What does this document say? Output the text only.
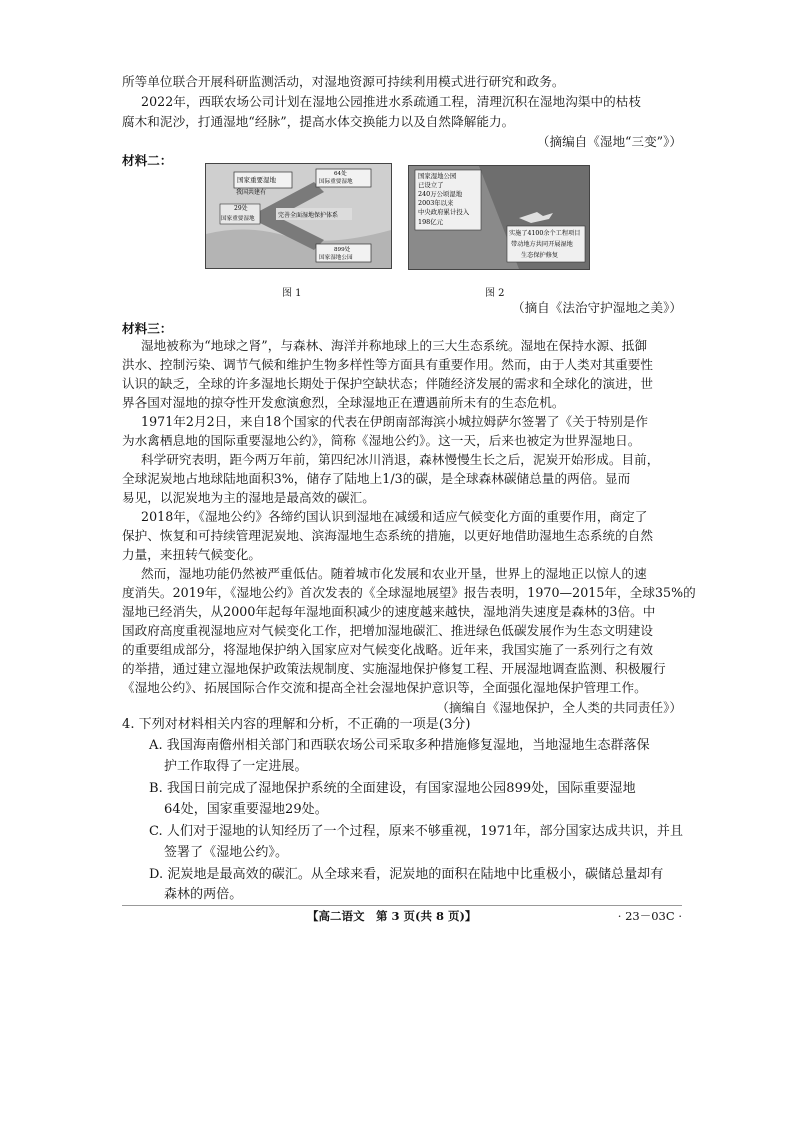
所等单位联合开展科研监测活动，对湿地资源可持续利用模式进行研究和政务。
2022年，西联农场公司计划在湿地公园推进水系疏通工程，清理沉积在湿地沟渠中的枯枝
腐木和泥沙，打通湿地“经脉”，提高水体交换能力以及自然降解能力。
（摘编自《湿地“三变”》）
材料二：
国家重要湿地
我国共建有
29处
国家重要湿地
64处
国际重要湿地
完善全面湿地保护体系
899处
国家湿地公园
图 1
国家湿地公园
已设立了
240万公顷湿地
2003年以来
中央政府累计投入
198亿元
实施了4100余个工程项目
带动地方共同开展湿地
生态保护修复
图 2
（摘自《法治守护湿地之美》）
材料三：
湿地被称为“地球之肾”，与森林、海洋并称地球上的三大生态系统。湿地在保持水源、抵御
洪水、控制污染、调节气候和维护生物多样性等方面具有重要作用。然而，由于人类对其重要性
认识的缺乏，全球的许多湿地长期处于保护空缺状态；伴随经济发展的需求和全球化的演进，世
界各国对湿地的掠夺性开发愈演愈烈，全球湿地正在遭遇前所未有的生态危机。
1971年2月2日，来自18个国家的代表在伊朗南部海滨小城拉姆萨尔签署了《关于特别是作
为水禽栖息地的国际重要湿地公约》，简称《湿地公约》。这一天，后来也被定为世界湿地日。
科学研究表明，距今两万年前，第四纪冰川消退，森林慢慢生长之后，泥炭开始形成。目前，
全球泥炭地占地球陆地面积3%，储存了陆地上1/3的碳，是全球森林碳储总量的两倍。显而
易见，以泥炭地为主的湿地是最高效的碳汇。
2018年，《湿地公约》各缔约国认识到湿地在减缓和适应气候变化方面的重要作用，商定了
保护、恢复和可持续管理泥炭地、滨海湿地生态系统的措施，以更好地借助湿地生态系统的自然
力量，来扭转气候变化。
然而，湿地功能仍然被严重低估。随着城市化发展和农业开垦，世界上的湿地正以惊人的速
度消失。2019年，《湿地公约》首次发表的《全球湿地展望》报告表明，1970—2015年，全球35%的
湿地已经消失，从2000年起每年湿地面积减少的速度越来越快，湿地消失速度是森林的3倍。中
国政府高度重视湿地应对气候变化工作，把增加湿地碳汇、推进绿色低碳发展作为生态文明建设
的重要组成部分，将湿地保护纳入国家应对气候变化战略。近年来，我国实施了一系列行之有效
的举措，通过建立湿地保护政策法规制度、实施湿地保护修复工程、开展湿地调查监测、积极履行
《湿地公约》、拓展国际合作交流和提高全社会湿地保护意识等，全面强化湿地保护管理工作。
（摘编自《湿地保护，全人类的共同责任》）
4. 下列对材料相关内容的理解和分析，不正确的一项是(3分)
A. 我国海南儋州相关部门和西联农场公司采取多种措施修复湿地，当地湿地生态群落保
护工作取得了一定进展。
B. 我国日前完成了湿地保护系统的全面建设，有国家湿地公园899处，国际重要湿地
64处，国家重要湿地29处。
C. 人们对于湿地的认知经历了一个过程，原来不够重视，1971年，部分国家达成共识，并且
签署了《湿地公约》。
D. 泥炭地是最高效的碳汇。从全球来看，泥炭地的面积在陆地中比重极小，碳储总量却有
【高二语文　第 3 页(共 8 页)】	· 23－03C ·
森林的两倍。
